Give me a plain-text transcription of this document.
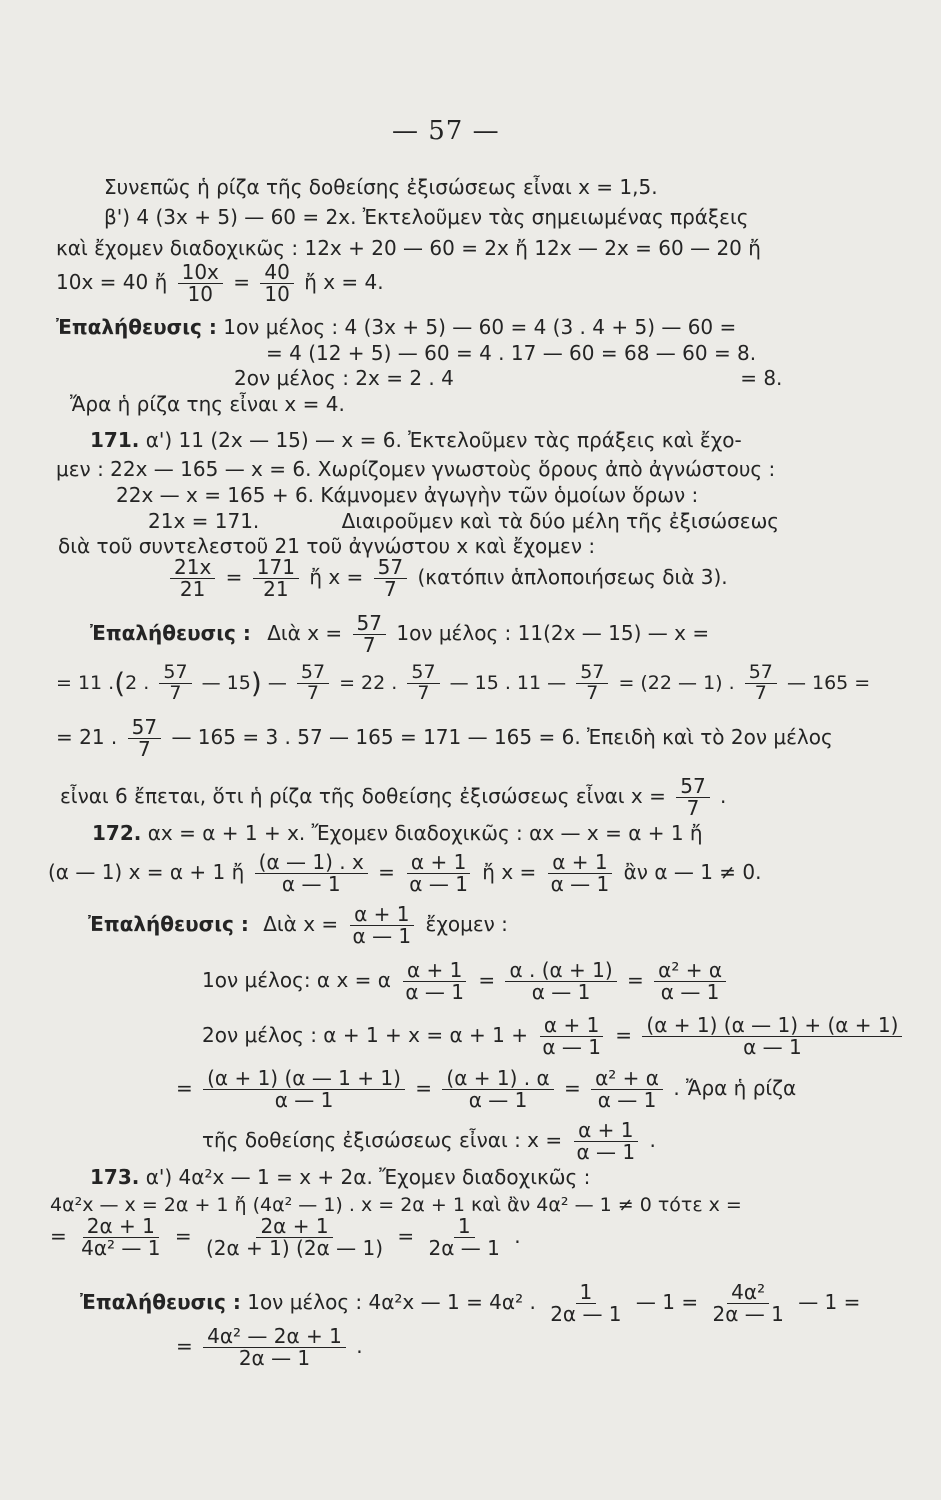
— 57 —
Συνεπῶς ἡ ρίζα τῆς δοθείσης ἐξισώσεως εἶναι x = 1,5.
β') 4 (3x + 5) — 60 = 2x. Ἐκτελοῦμεν τὰς σημειωμένας πράξεις
καὶ ἔχομεν διαδοχικῶς : 12x + 20 — 60 = 2x ἤ 12x — 2x = 60 — 20 ἤ
10x = 40 ἤ $\frac{10x}{10} = \frac{40}{10}$ ἤ x = 4.
Ἐπαλήθευσις : 1ον μέλος : 4 (3x + 5) — 60 = 4 (3 . 4 + 5) — 60 =
= 4 (12 + 5) — 60 = 4 . 17 — 60 = 68 — 60 = 8.
2ον μέλος : 2x = 2 . 4	= 8.
Ἄρα ἡ ρίζα της εἶναι x = 4.
171. α') 11 (2x — 15) — x = 6. Ἐκτελοῦμεν τὰς πράξεις καὶ ἔχο-
μεν : 22x — 165 — x = 6. Χωρίζομεν γνωστοὺς ὅρους ἀπὸ ἀγνώστους :
22x — x = 165 + 6. Κάμνομεν ἀγωγὴν τῶν ὁμοίων ὅρων :
21x = 171.	Διαιροῦμεν καὶ τὰ δύο μέλη τῆς ἐξισώσεως
διὰ τοῦ συντελεστοῦ 21 τοῦ ἀγνώστου x καὶ ἔχομεν :
$\frac{21x}{21} = \frac{171}{21}$ ἤ $x = \frac{57}{7} (\kappa\alpha\tau ό\pi\iota\nu$ ἁπλοποιήσεως διὰ 3).
Ἐπαλήθευσις : Διὰ $x = \frac{57}{7} 1o\nu$ μέλος : 11(2x — 15) — x =
= 11 .(2 . $\frac{57}{7}$ — 15) — $\frac{57}{7} = 22$ . $\frac{57}{7}$ — 15 . 11 — $\frac{57}{7} = (22$ — 1) . $\frac{57}{7}$ — 165 =
= 21 . $\frac{57}{7}$ — 165 = 3 . 57 — 165 = 171 — 165 = 6. Ἐπειδὴ καὶ τὸ 2ον μέλος
εἶναι 6 ἔπεται, ὅτι ἡ ρίζα τῆς δοθείσης ἐξισώσεως εἶναι $x = \frac{57}{7}$ .
172. αx = α + 1 + x. Ἔχομεν διαδοχικῶς : αx — x = α + 1 ἤ
(α — 1) x = α + 1 ἤ $\frac{(\alpha — 1) . x}{\alpha — 1} = \frac{\alpha + 1}{\alpha — 1}$ ἤ $x = \frac{\alpha + 1}{\alpha — 1}$ ἂν α — 1 ≠ 0.
Ἐπαλήθευσις : Διὰ $x = \frac{\alpha + 1}{\alpha — 1}$ ἔχομεν :
1ον μέλος: α x = α $\frac{\alpha + 1}{\alpha — 1} = \frac{\alpha . (\alpha + 1)}{\alpha — 1} = \frac{\text{α² + α}}{\alpha — 1}$
2ον μέλος : $\alpha + 1 + x = \alpha + 1 + \frac{\alpha + 1}{\alpha — 1} = \frac{(\alpha + 1) (\alpha — 1) + (\alpha + 1)}{\alpha — 1}$
= $\frac{(\alpha + 1) (\alpha — 1 + 1)}{\alpha — 1} = \frac{(\alpha + 1) . \alpha}{\alpha — 1} = \frac{\text{α² + α}}{\alpha — 1}$ . Ἄρα ἡ ρίζα
τῆς δοθείσης ἐξισώσεως εἶναι : $x = \frac{\alpha + 1}{\alpha — 1}$ .
173. α') 4α²x — 1 = x + 2α. Ἔχομεν διαδοχικῶς :
4α²x — x = 2α + 1 ἤ (4α² — 1) . x = 2α + 1 καὶ ἂν 4α² — 1 ≠ 0 τότε x =
= $\frac{2\alpha + 1}{\text{4α² — 1}} = \frac{2\alpha + 1}{(2\alpha + 1) (2\alpha — 1)} = \frac{1}{2\alpha — 1}$ .
Ἐπαλήθευσις : 1ον μέλος : 4α²x — 1 = 4α² . $\frac{1}{2\alpha — 1}$ — $1 = \frac{\text{4α²}}{2\alpha — 1}$ — 1 =
= $\frac{\text{4α² — 2α + 1}}{2\alpha — 1}$ .
